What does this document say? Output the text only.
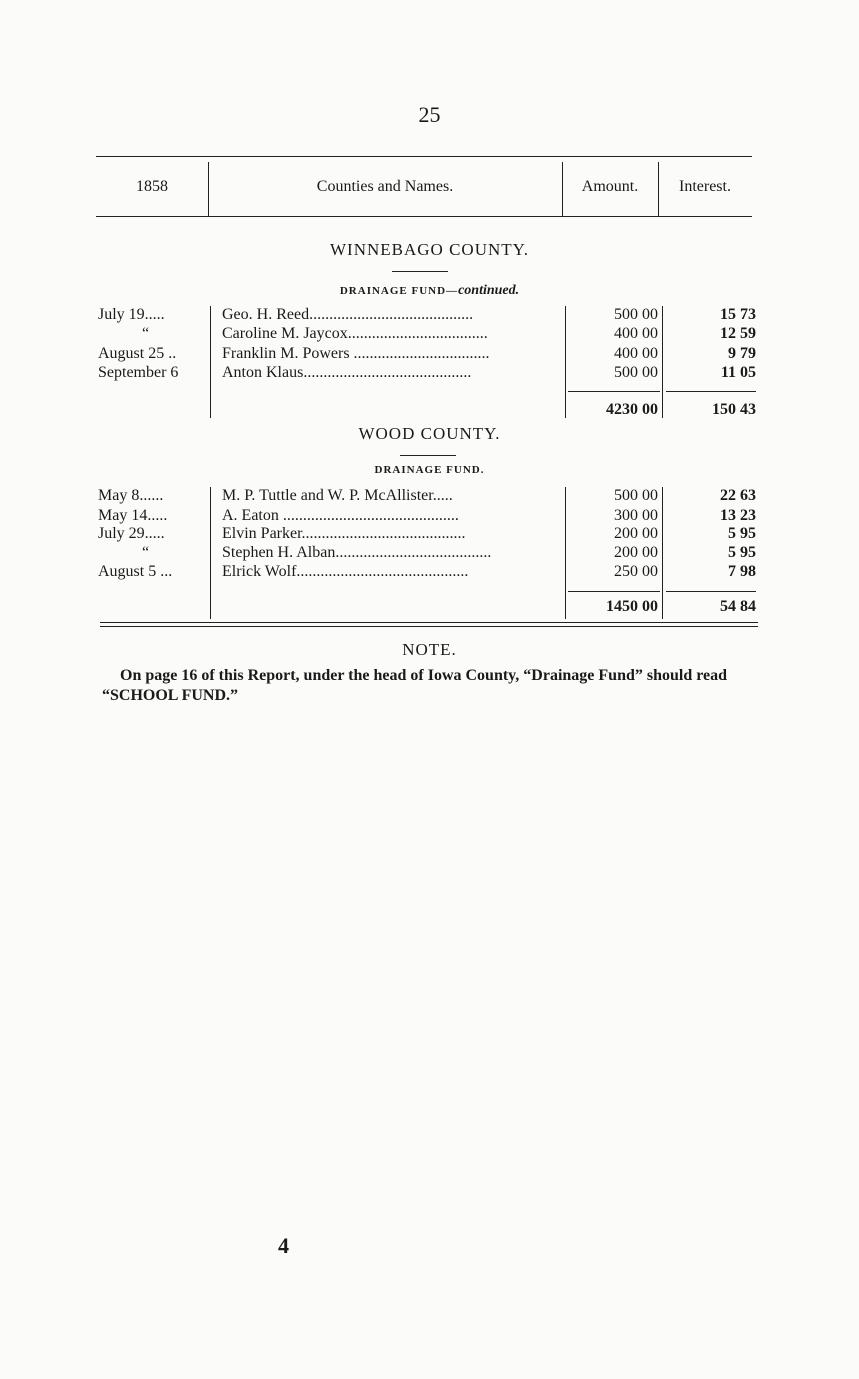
25
1858	Counties and Names.	Amount.	Interest.
WINNEBAGO COUNTY.
DRAINAGE FUND—continued.
July 19.....	Geo. H. Reed.........................................	500 00	15 73
“	Caroline M. Jaycox...................................	400 00	12 59
August 25 ..	Franklin M. Powers ..................................	400 00	9 79
September 6	Anton Klaus..........................................	500 00	11 05
4230 00	150 43
WOOD COUNTY.
DRAINAGE FUND.
May 8......	M. P. Tuttle and W. P. McAllister.....	500 00	22 63
May 14.....	A. Eaton ............................................	300 00	13 23
July 29.....	Elvin Parker.........................................	200 00	5 95
“	Stephen H. Alban.......................................	200 00	5 95
August 5 ...	Elrick Wolf...........................................	250 00	7 98
1450 00	54 84
NOTE.
On page 16 of this Report, under the head of Iowa County, “Drainage Fund” should read “SCHOOL FUND.”
4
